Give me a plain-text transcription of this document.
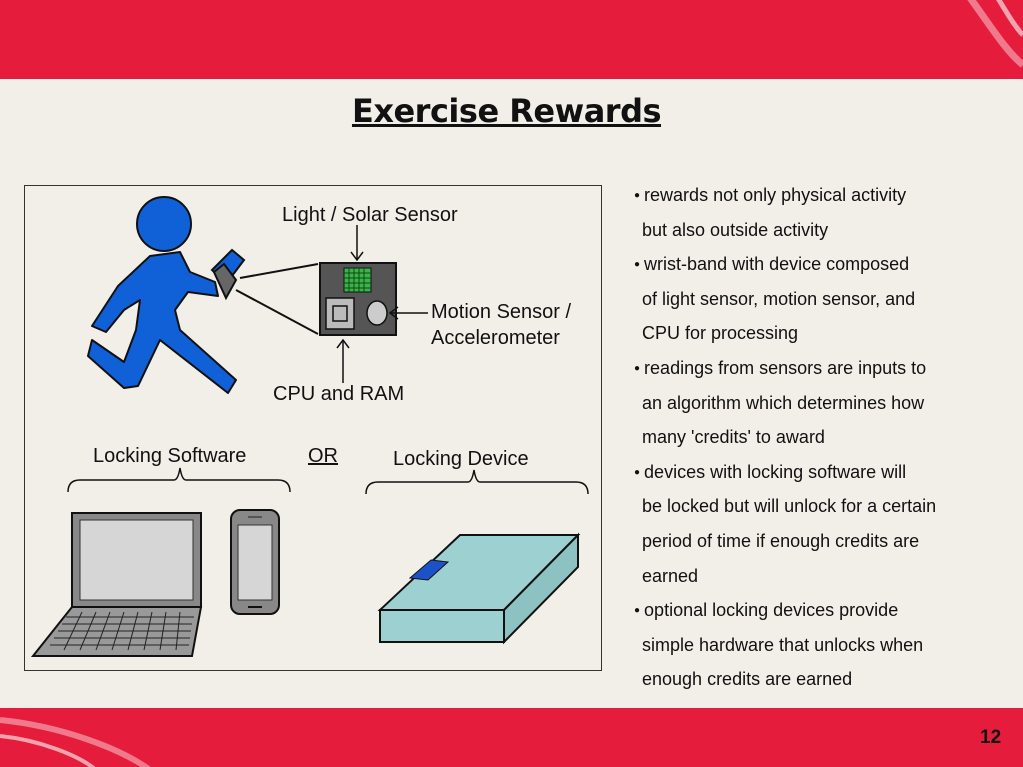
Exercise Rewards
Light / Solar Sensor
Motion Sensor /
Accelerometer
CPU and RAM
Locking Software	OR	Locking Device
● rewards not only physical activity
but also outside activity
● wrist-band with device composed
of light sensor, motion sensor, and
CPU for processing
● readings from sensors are inputs to
an algorithm which determines how
many 'credits' to award
● devices with locking software will
be locked but will unlock for a certain
period of time if enough credits are
earned
● optional locking devices provide
simple hardware that unlocks when
enough credits are earned
12
